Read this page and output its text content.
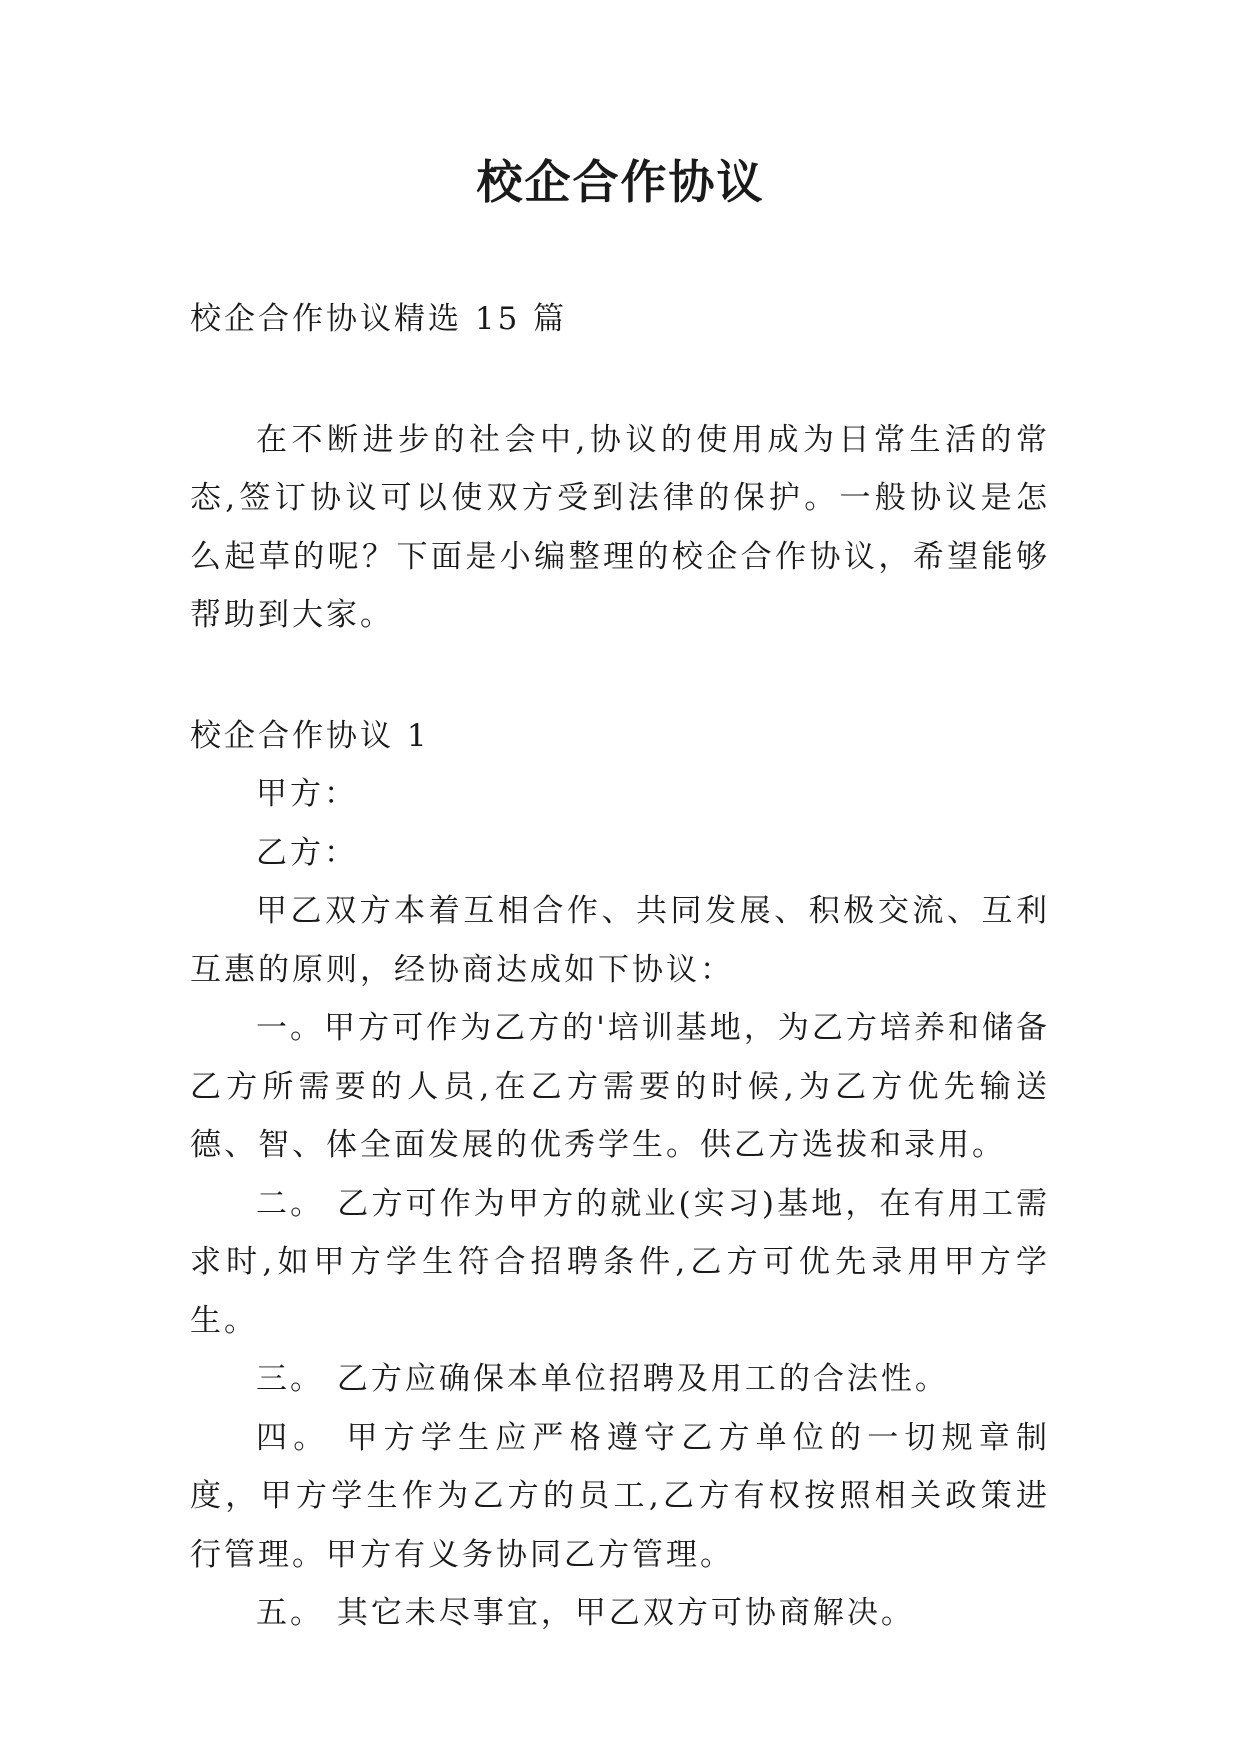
校企合作协议

校企合作协议精选 15 篇

在不断进步的社会中,协议的使用成为日常生活的常态,签订协议可以使双方受到法律的保护。一般协议是怎么起草的呢？下面是小编整理的校企合作协议，希望能够帮助到大家。

校企合作协议 1

甲方：

乙方：

甲乙双方本着互相合作、共同发展、积极交流、互利互惠的原则，经协商达成如下协议：

一。甲方可作为乙方的'培训基地，为乙方培养和储备乙方所需要的人员,在乙方需要的时候,为乙方优先输送德、智、体全面发展的优秀学生。供乙方选拔和录用。

二。 乙方可作为甲方的就业(实习)基地，在有用工需求时,如甲方学生符合招聘条件,乙方可优先录用甲方学生。

三。 乙方应确保本单位招聘及用工的合法性。

四。 甲方学生应严格遵守乙方单位的一切规章制度，甲方学生作为乙方的员工,乙方有权按照相关政策进行管理。甲方有义务协同乙方管理。

五。 其它未尽事宜，甲乙双方可协商解决。
